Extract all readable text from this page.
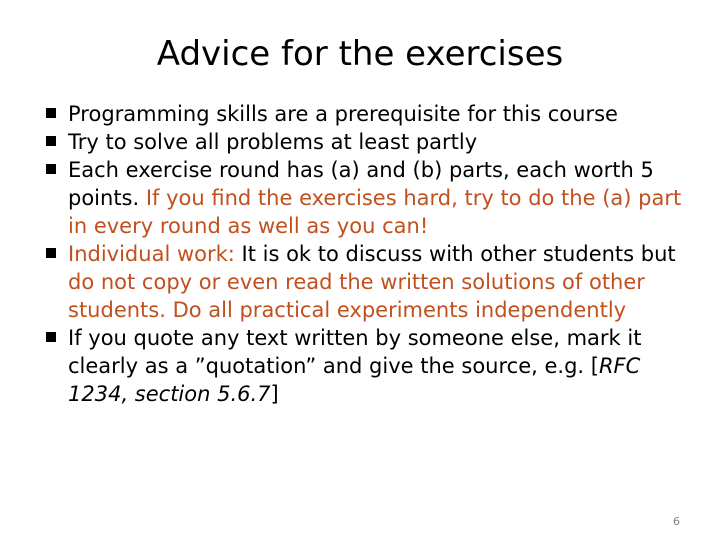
Advice for the exercises
Programming skills are a prerequisite for this course
Try to solve all problems at least partly
Each exercise round has (a) and (b) parts, each worth 5 points. If you find the exercises hard, try to do the (a) part in every round as well as you can!
Individual work: It is ok to discuss with other students but do not copy or even read the written solutions of other students. Do all practical experiments independently
If you quote any text written by someone else, mark it clearly as a ”quotation” and give the source, e.g. [RFC 1234, section 5.6.7]
6
